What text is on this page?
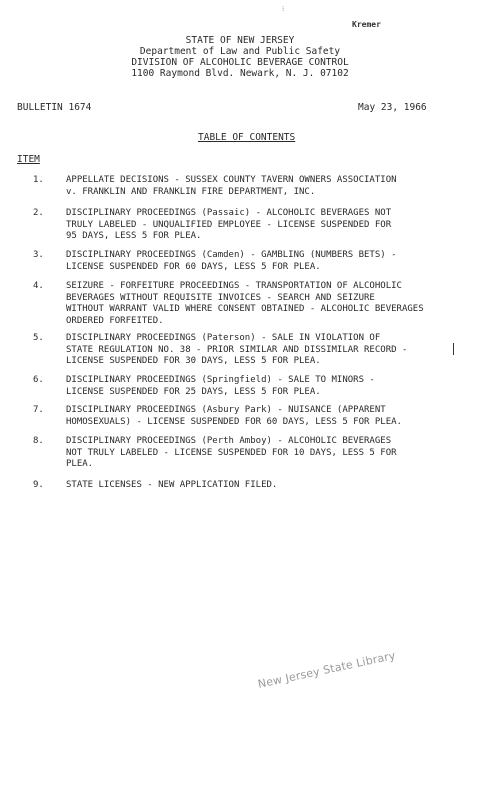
⁝
Kremer
STATE OF NEW JERSEY
Department of Law and Public Safety
DIVISION OF ALCOHOLIC BEVERAGE CONTROL
1100 Raymond Blvd. Newark, N. J. 07102
BULLETIN 1674	May 23, 1966
TABLE OF CONTENTS
ITEM
1. APPELLATE DECISIONS - SUSSEX COUNTY TAVERN OWNERS ASSOCIATION
v. FRANKLIN AND FRANKLIN FIRE DEPARTMENT, INC.
2. DISCIPLINARY PROCEEDINGS (Passaic) - ALCOHOLIC BEVERAGES NOT
TRULY LABELED - UNQUALIFIED EMPLOYEE - LICENSE SUSPENDED FOR
95 DAYS, LESS 5 FOR PLEA.
3. DISCIPLINARY PROCEEDINGS (Camden) - GAMBLING (NUMBERS BETS) -
LICENSE SUSPENDED FOR 60 DAYS, LESS 5 FOR PLEA.
4. SEIZURE - FORFEITURE PROCEEDINGS - TRANSPORTATION OF ALCOHOLIC
BEVERAGES WITHOUT REQUISITE INVOICES - SEARCH AND SEIZURE
WITHOUT WARRANT VALID WHERE CONSENT OBTAINED - ALCOHOLIC BEVERAGES
ORDERED FORFEITED.
5. DISCIPLINARY PROCEEDINGS (Paterson) - SALE IN VIOLATION OF
STATE REGULATION NO. 38 - PRIOR SIMILAR AND DISSIMILAR RECORD -
LICENSE SUSPENDED FOR 30 DAYS, LESS 5 FOR PLEA.
6. DISCIPLINARY PROCEEDINGS (Springfield) - SALE TO MINORS -
LICENSE SUSPENDED FOR 25 DAYS, LESS 5 FOR PLEA.
7. DISCIPLINARY PROCEEDINGS (Asbury Park) - NUISANCE (APPARENT
HOMOSEXUALS) - LICENSE SUSPENDED FOR 60 DAYS, LESS 5 FOR PLEA.
8. DISCIPLINARY PROCEEDINGS (Perth Amboy) - ALCOHOLIC BEVERAGES
NOT TRULY LABELED - LICENSE SUSPENDED FOR 10 DAYS, LESS 5 FOR
PLEA.
9. STATE LICENSES - NEW APPLICATION FILED.
New Jersey State Library
